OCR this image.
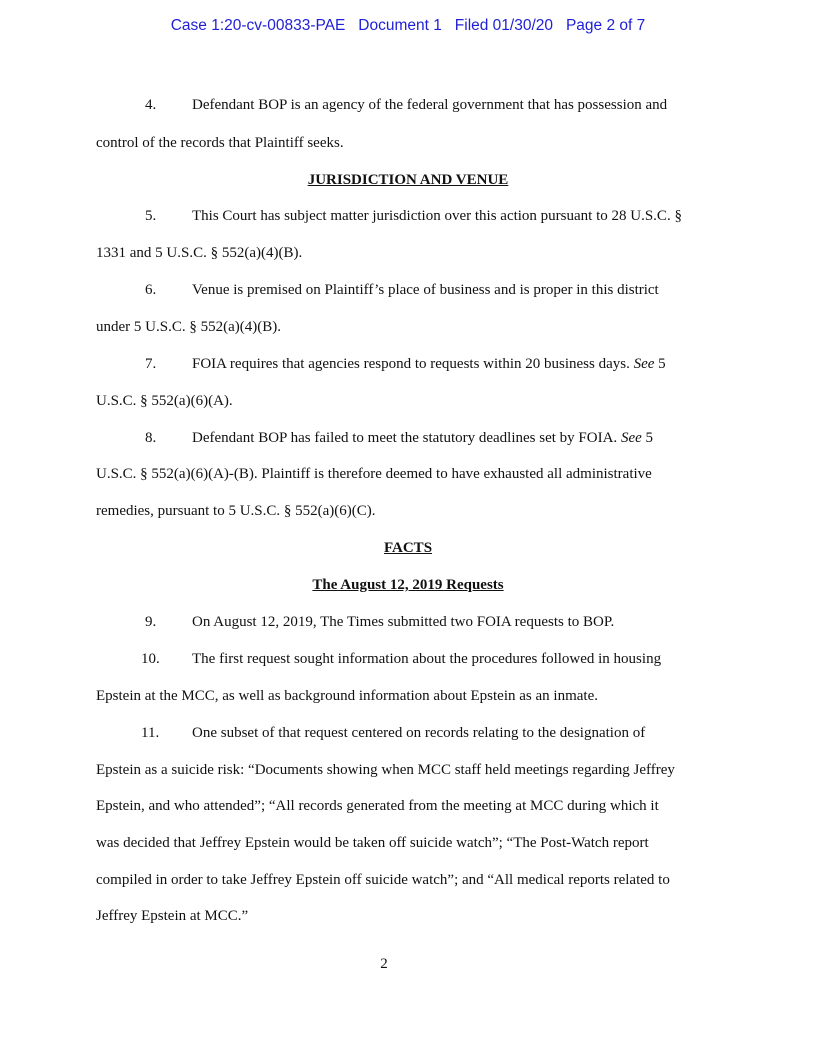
Case 1:20-cv-00833-PAE Document 1 Filed 01/30/20 Page 2 of 7
4. Defendant BOP is an agency of the federal government that has possession and
control of the records that Plaintiff seeks.
JURISDICTION AND VENUE
5. This Court has subject matter jurisdiction over this action pursuant to 28 U.S.C. §
1331 and 5 U.S.C. § 552(a)(4)(B).
6. Venue is premised on Plaintiff’s place of business and is proper in this district
under 5 U.S.C. § 552(a)(4)(B).
7. FOIA requires that agencies respond to requests within 20 business days. See 5
U.S.C. § 552(a)(6)(A).
8. Defendant BOP has failed to meet the statutory deadlines set by FOIA. See 5
U.S.C. § 552(a)(6)(A)-(B). Plaintiff is therefore deemed to have exhausted all administrative
remedies, pursuant to 5 U.S.C. § 552(a)(6)(C).
FACTS
The August 12, 2019 Requests
9. On August 12, 2019, The Times submitted two FOIA requests to BOP.
10. The first request sought information about the procedures followed in housing
Epstein at the MCC, as well as background information about Epstein as an inmate.
11. One subset of that request centered on records relating to the designation of
Epstein as a suicide risk: “Documents showing when MCC staff held meetings regarding Jeffrey
Epstein, and who attended”; “All records generated from the meeting at MCC during which it
was decided that Jeffrey Epstein would be taken off suicide watch”; “The Post-Watch report
compiled in order to take Jeffrey Epstein off suicide watch”; and “All medical reports related to
Jeffrey Epstein at MCC.”
2
